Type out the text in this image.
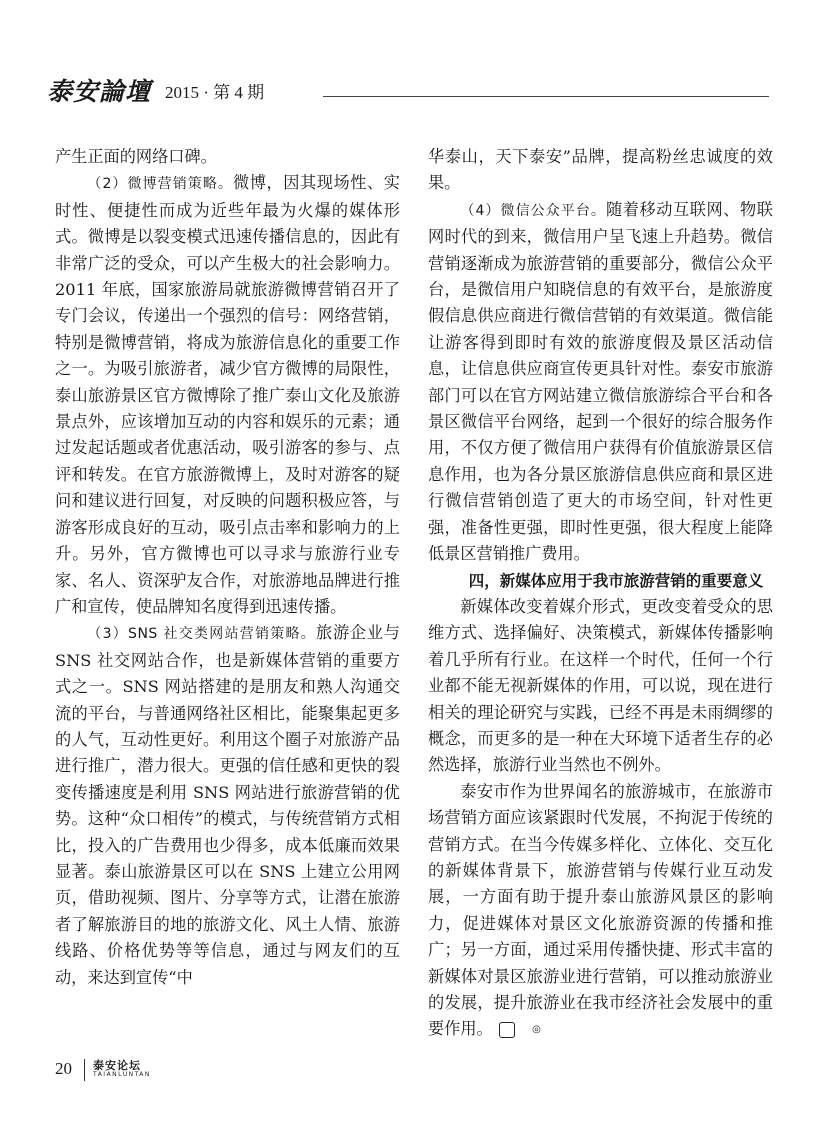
泰安論壇 2015 · 第 4 期

产生正面的网络口碑。

（2）微博营销策略。微博，因其现场性、实时性、便捷性而成为近些年最为火爆的媒体形式。微博是以裂变模式迅速传播信息的，因此有非常广泛的受众，可以产生极大的社会影响力。2011 年底，国家旅游局就旅游微博营销召开了专门会议，传递出一个强烈的信号：网络营销，特别是微博营销，将成为旅游信息化的重要工作之一。为吸引旅游者，减少官方微博的局限性，泰山旅游景区官方微博除了推广泰山文化及旅游景点外，应该增加互动的内容和娱乐的元素；通过发起话题或者优惠活动，吸引游客的参与、点评和转发。在官方旅游微博上，及时对游客的疑问和建议进行回复，对反映的问题积极应答，与游客形成良好的互动，吸引点击率和影响力的上升。另外，官方微博也可以寻求与旅游行业专家、名人、资深驴友合作，对旅游地品牌进行推广和宣传，使品牌知名度得到迅速传播。

（3）SNS 社交类网站营销策略。旅游企业与 SNS 社交网站合作，也是新媒体营销的重要方式之一。SNS 网站搭建的是朋友和熟人沟通交流的平台，与普通网络社区相比，能聚集起更多的人气，互动性更好。利用这个圈子对旅游产品进行推广，潜力很大。更强的信任感和更快的裂变传播速度是利用 SNS 网站进行旅游营销的优势。这种“众口相传”的模式，与传统营销方式相比，投入的广告费用也少得多，成本低廉而效果显著。泰山旅游景区可以在 SNS 上建立公用网页，借助视频、图片、分享等方式，让潜在旅游者了解旅游目的地的旅游文化、风土人情、旅游线路、价格优势等等信息，通过与网友们的互动，来达到宣传“中

华泰山，天下泰安”品牌，提高粉丝忠诚度的效果。

（4）微信公众平台。随着移动互联网、物联网时代的到来，微信用户呈飞速上升趋势。微信营销逐渐成为旅游营销的重要部分，微信公众平台，是微信用户知晓信息的有效平台，是旅游度假信息供应商进行微信营销的有效渠道。微信能让游客得到即时有效的旅游度假及景区活动信息，让信息供应商宣传更具针对性。泰安市旅游部门可以在官方网站建立微信旅游综合平台和各景区微信平台网络，起到一个很好的综合服务作用，不仅方便了微信用户获得有价值旅游景区信息作用，也为各分景区旅游信息供应商和景区进行微信营销创造了更大的市场空间，针对性更强，准备性更强，即时性更强，很大程度上能降低景区营销推广费用。

四，新媒体应用于我市旅游营销的重要意义

新媒体改变着媒介形式，更改变着受众的思维方式、选择偏好、决策模式，新媒体传播影响着几乎所有行业。在这样一个时代，任何一个行业都不能无视新媒体的作用，可以说，现在进行相关的理论研究与实践，已经不再是未雨绸缪的概念，而更多的是一种在大环境下适者生存的必然选择，旅游行业当然也不例外。

泰安市作为世界闻名的旅游城市，在旅游市场营销方面应该紧跟时代发展，不拘泥于传统的营销方式。在当今传媒多样化、立体化、交互化的新媒体背景下，旅游营销与传媒行业互动发展，一方面有助于提升泰山旅游风景区的影响力，促进媒体对景区文化旅游资源的传播和推广；另一方面，通过采用传播快捷、形式丰富的新媒体对景区旅游业进行营销，可以推动旅游业的发展，提升旅游业在我市经济社会发展中的重要作用。	◎

20 泰安论坛
TAIANLUNTAN
